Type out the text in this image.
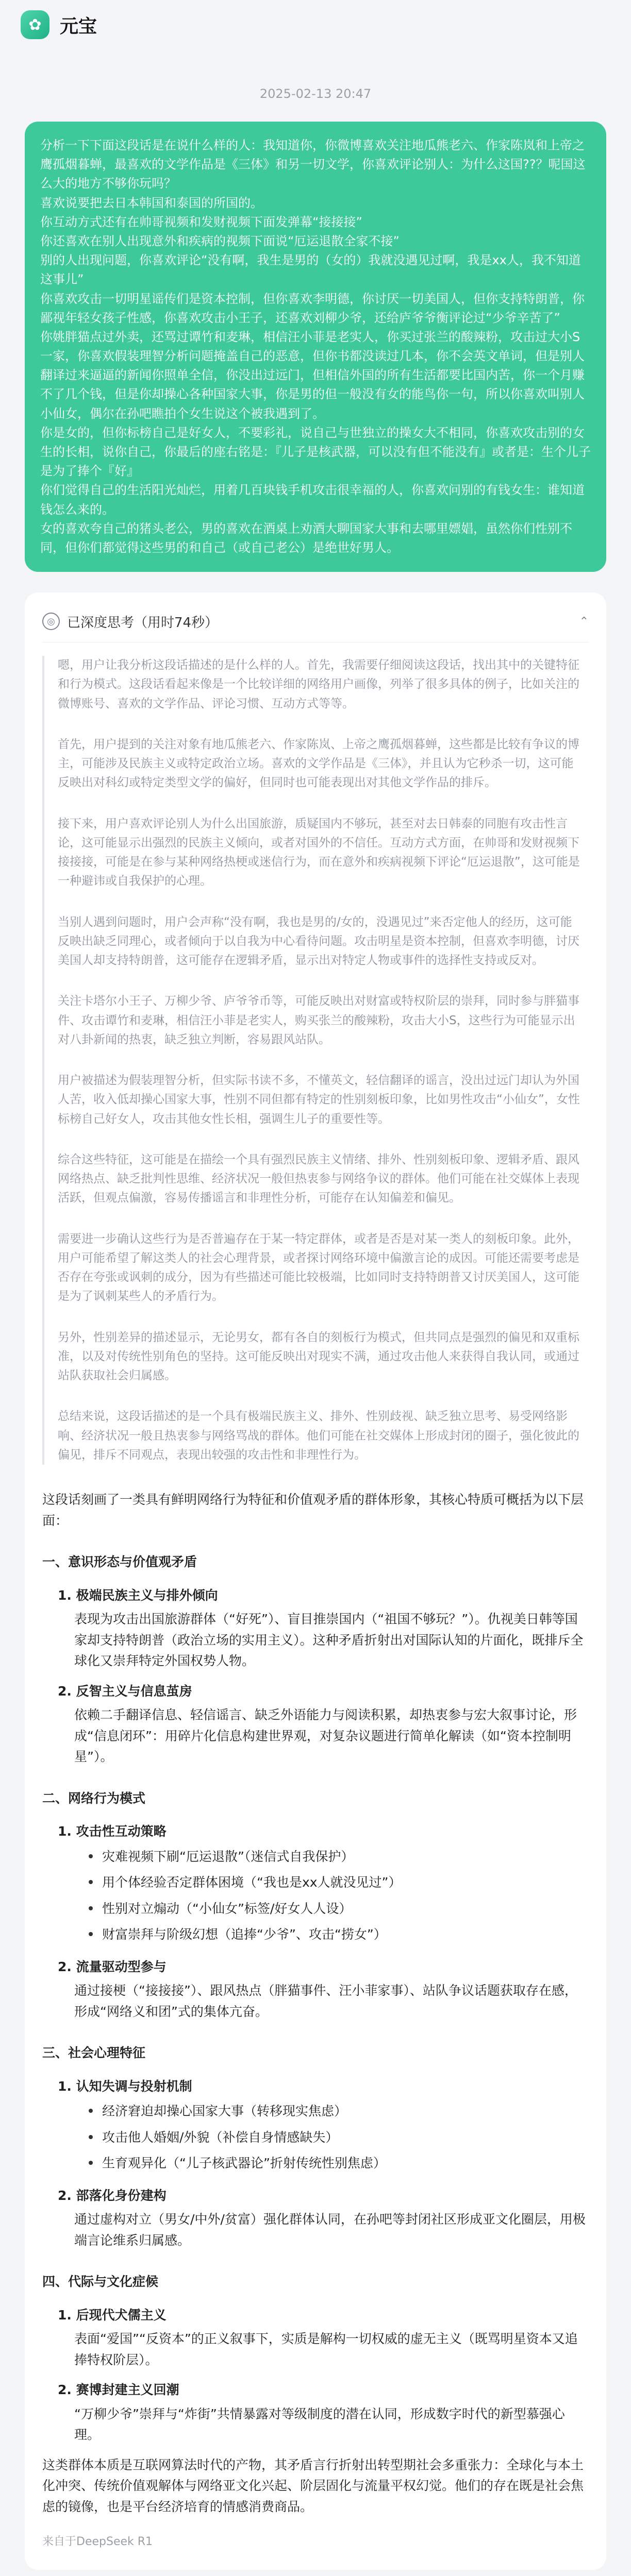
✿ 元宝
2025-02-13 20:47
分析一下下面这段话是在说什么样的人：我知道你，你微博喜欢关注地瓜熊老六、作家陈岚和上帝之鹰孤烟暮蝉，最喜欢的文学作品是《三体》和另一切文学，你喜欢评论别人：为什么这国??？呢国这么大的地方不够你玩吗？
喜欢说要把去日本韩国和泰国的所国的。
你互动方式还有在帅哥视频和发财视频下面发弹幕“接接接”
你还喜欢在别人出现意外和疾病的视频下面说“厄运退散全家不接”
别的人出现问题，你喜欢评论“没有啊，我生是男的（女的）我就没遇见过啊，我是xx人，我不知道这事儿”
你喜欢攻击一切明星谣传们是资本控制，但你喜欢李明德，你讨厌一切美国人，但你支持特朗普，你鄙视年轻女孩子性感，你喜欢攻击小王子，还喜欢刘柳少爷，还给庐爷爷衡评论过“少爷辛苦了”
你姚胖猫点过外卖，还骂过谭竹和麦琳，相信汪小菲是老实人，你买过张兰的酸辣粉，攻击过大小S一家，你喜欢假装理智分析问题掩盖自己的恶意，但你书都没读过几本，你不会英文单词，但是别人翻译过来逼逼的新闻你照单全信，你没出过远门，但相信外国的所有生活都要比国内苦，你一个月赚不了几个钱，但是你却操心各种国家大事，你是男的但一般没有女的能鸟你一句，所以你喜欢叫别人小仙女，偶尔在孙吧瞧拍个女生说这个被我遇到了。
你是女的，但你标榜自己是好女人，不要彩礼，说自己与世独立的操女大不相同，你喜欢攻击别的女生的长相，说你自己，你最后的座右铭是：『儿子是核武器，可以没有但不能没有』或者是：生个儿子是为了捧个『好』
你们觉得自己的生活阳光灿烂，用着几百块钱手机攻击很幸福的人，你喜欢问别的有钱女生：谁知道钱怎么来的。
女的喜欢夸自己的猪头老公，男的喜欢在酒桌上劝酒大聊国家大事和去哪里嫖娼，虽然你们性别不同，但你们都觉得这些男的和自己（或自己老公）是绝世好男人。
◎ 已深度思考（用时74秒）	⌃

嗯，用户让我分析这段话描述的是什么样的人。首先，我需要仔细阅读这段话，找出其中的关键特征和行为模式。这段话看起来像是一个比较详细的网络用户画像，列举了很多具体的例子，比如关注的微博账号、喜欢的文学作品、评论习惯、互动方式等等。

首先，用户提到的关注对象有地瓜熊老六、作家陈岚、上帝之鹰孤烟暮蝉，这些都是比较有争议的博主，可能涉及民族主义或特定政治立场。喜欢的文学作品是《三体》，并且认为它秒杀一切，这可能反映出对科幻或特定类型文学的偏好，但同时也可能表现出对其他文学作品的排斥。

接下来，用户喜欢评论别人为什么出国旅游，质疑国内不够玩，甚至对去日韩泰的同胞有攻击性言论，这可能显示出强烈的民族主义倾向，或者对国外的不信任。互动方式方面，在帅哥和发财视频下接接接，可能是在参与某种网络热梗或迷信行为，而在意外和疾病视频下评论“厄运退散”，这可能是一种避讳或自我保护的心理。

当别人遇到问题时，用户会声称“没有啊，我也是男的/女的，没遇见过”来否定他人的经历，这可能反映出缺乏同理心，或者倾向于以自我为中心看待问题。攻击明星是资本控制，但喜欢李明德，讨厌美国人却支持特朗普，这可能存在逻辑矛盾，显示出对特定人物或事件的选择性支持或反对。

关注卡塔尔小王子、万柳少爷、庐爷爷币等，可能反映出对财富或特权阶层的崇拜，同时参与胖猫事件、攻击谭竹和麦琳，相信汪小菲是老实人，购买张兰的酸辣粉，攻击大小S，这些行为可能显示出对八卦新闻的热衷，缺乏独立判断，容易跟风站队。

用户被描述为假装理智分析，但实际书读不多，不懂英文，轻信翻译的谣言，没出过远门却认为外国人苦，收入低却操心国家大事，性别不同但都有特定的性别刻板印象，比如男性攻击“小仙女”，女性标榜自己好女人，攻击其他女性长相，强调生儿子的重要性等。

综合这些特征，这可能是在描绘一个具有强烈民族主义情绪、排外、性别刻板印象、逻辑矛盾、跟风网络热点、缺乏批判性思维、经济状况一般但热衷参与网络争议的群体。他们可能在社交媒体上表现活跃，但观点偏激，容易传播谣言和非理性分析，可能存在认知偏差和偏见。

需要进一步确认这些行为是否普遍存在于某一特定群体，或者是否是对某一类人的刻板印象。此外，用户可能希望了解这类人的社会心理背景，或者探讨网络环境中偏激言论的成因。可能还需要考虑是否存在夸张或讽刺的成分，因为有些描述可能比较极端，比如同时支持特朗普又讨厌美国人，这可能是为了讽刺某些人的矛盾行为。

另外，性别差异的描述显示，无论男女，都有各自的刻板行为模式，但共同点是强烈的偏见和双重标准，以及对传统性别角色的坚持。这可能反映出对现实不满，通过攻击他人来获得自我认同，或通过站队获取社会归属感。

总结来说，这段话描述的是一个具有极端民族主义、排外、性别歧视、缺乏独立思考、易受网络影响、经济状况一般且热衷参与网络骂战的群体。他们可能在社交媒体上形成封闭的圈子，强化彼此的偏见，排斥不同观点，表现出较强的攻击性和非理性行为。

这段话刻画了一类具有鲜明网络行为特征和价值观矛盾的群体形象，其核心特质可概括为以下层面：

一、意识形态与价值观矛盾
1. 极端民族主义与排外倾向
表现为攻击出国旅游群体（“好死”）、盲目推崇国内（“祖国不够玩？”）。仇视美日韩等国家却支持特朗普（政治立场的实用主义）。这种矛盾折射出对国际认知的片面化，既排斥全球化又崇拜特定外国权势人物。
2. 反智主义与信息茧房
依赖二手翻译信息、轻信谣言、缺乏外语能力与阅读积累，却热衷参与宏大叙事讨论，形成“信息闭环”：用碎片化信息构建世界观，对复杂议题进行简单化解读（如“资本控制明星”）。
二、网络行为模式
1. 攻击性互动策略
灾难视频下刷“厄运退散”（迷信式自我保护）
用个体经验否定群体困境（“我也是xx人就没见过”）
性别对立煽动（“小仙女”标签/好女人人设）
财富崇拜与阶级幻想（追捧“少爷”、攻击“捞女”）
2. 流量驱动型参与
通过接梗（“接接接”）、跟风热点（胖猫事件、汪小菲家事）、站队争议话题获取存在感，形成“网络义和团”式的集体亢奋。
三、社会心理特征
1. 认知失调与投射机制
经济窘迫却操心国家大事（转移现实焦虑）
攻击他人婚姻/外貌（补偿自身情感缺失）
生育观异化（“儿子核武器论”折射传统性别焦虑）
2. 部落化身份建构
通过虚构对立（男女/中外/贫富）强化群体认同，在孙吧等封闭社区形成亚文化圈层，用极端言论维系归属感。
四、代际与文化症候
1. 后现代犬儒主义
表面“爱国”“反资本”的正义叙事下，实质是解构一切权威的虚无主义（既骂明星资本又追捧特权阶层）。
2. 赛博封建主义回潮
“万柳少爷”崇拜与“炸街”共情暴露对等级制度的潜在认同，形成数字时代的新型慕强心理。

这类群体本质是互联网算法时代的产物，其矛盾言行折射出转型期社会多重张力：全球化与本土化冲突、传统价值观解体与网络亚文化兴起、阶层固化与流量平权幻觉。他们的存在既是社会焦虑的镜像，也是平台经济培育的情感消费商品。

来自于DeepSeek R1
